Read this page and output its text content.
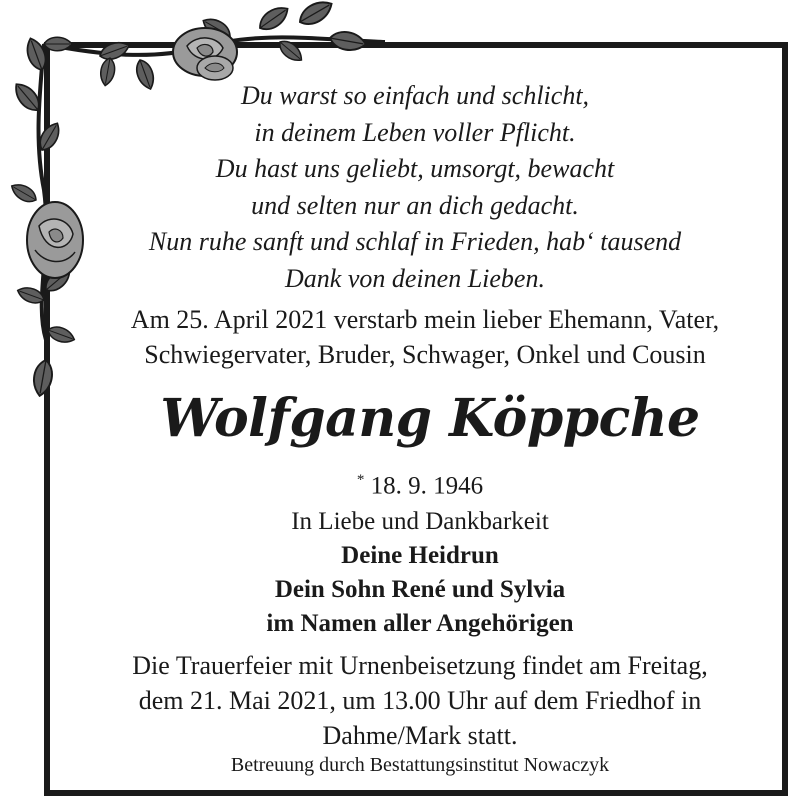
Du warst so einfach und schlicht,
in deinem Leben voller Pflicht.
Du hast uns geliebt, umsorgt, bewacht
und selten nur an dich gedacht.
Nun ruhe sanft und schlaf in Frieden, hab‘ tausend
Dank von deinen Lieben.
Am 25. April 2021 verstarb mein lieber Ehemann, Vater,
Schwiegervater, Bruder, Schwager, Onkel und Cousin
Wolfgang Köppche
* 18. 9. 1946
In Liebe und Dankbarkeit
Deine Heidrun
Dein Sohn René und Sylvia
im Namen aller Angehörigen
Die Trauerfeier mit Urnenbeisetzung findet am Freitag,
dem 21. Mai 2021, um 13.00 Uhr auf dem Friedhof in
Dahme/Mark statt.
Betreuung durch Bestattungsinstitut Nowaczyk
